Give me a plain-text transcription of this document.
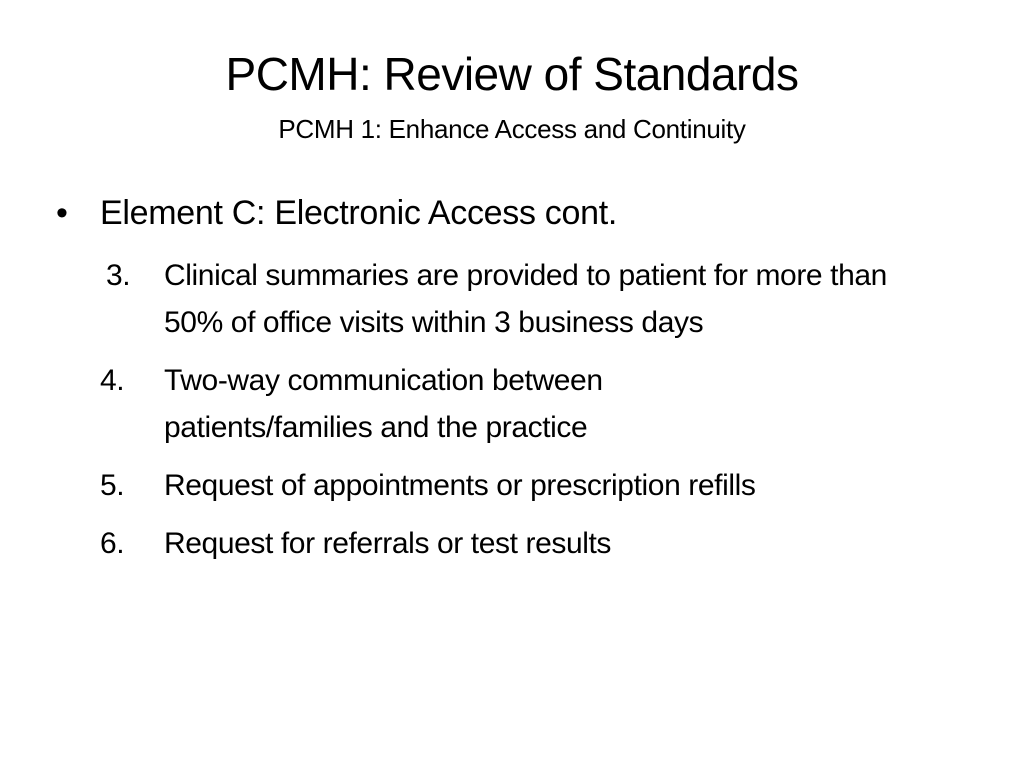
PCMH: Review of Standards
PCMH 1: Enhance Access and Continuity
• Element C: Electronic Access cont.
3. Clinical summaries are provided to patient for more than 50% of office visits within 3 business days
4. Two-way communication between patients/families and the practice
5. Request of appointments or prescription refills
6. Request for referrals or test results
